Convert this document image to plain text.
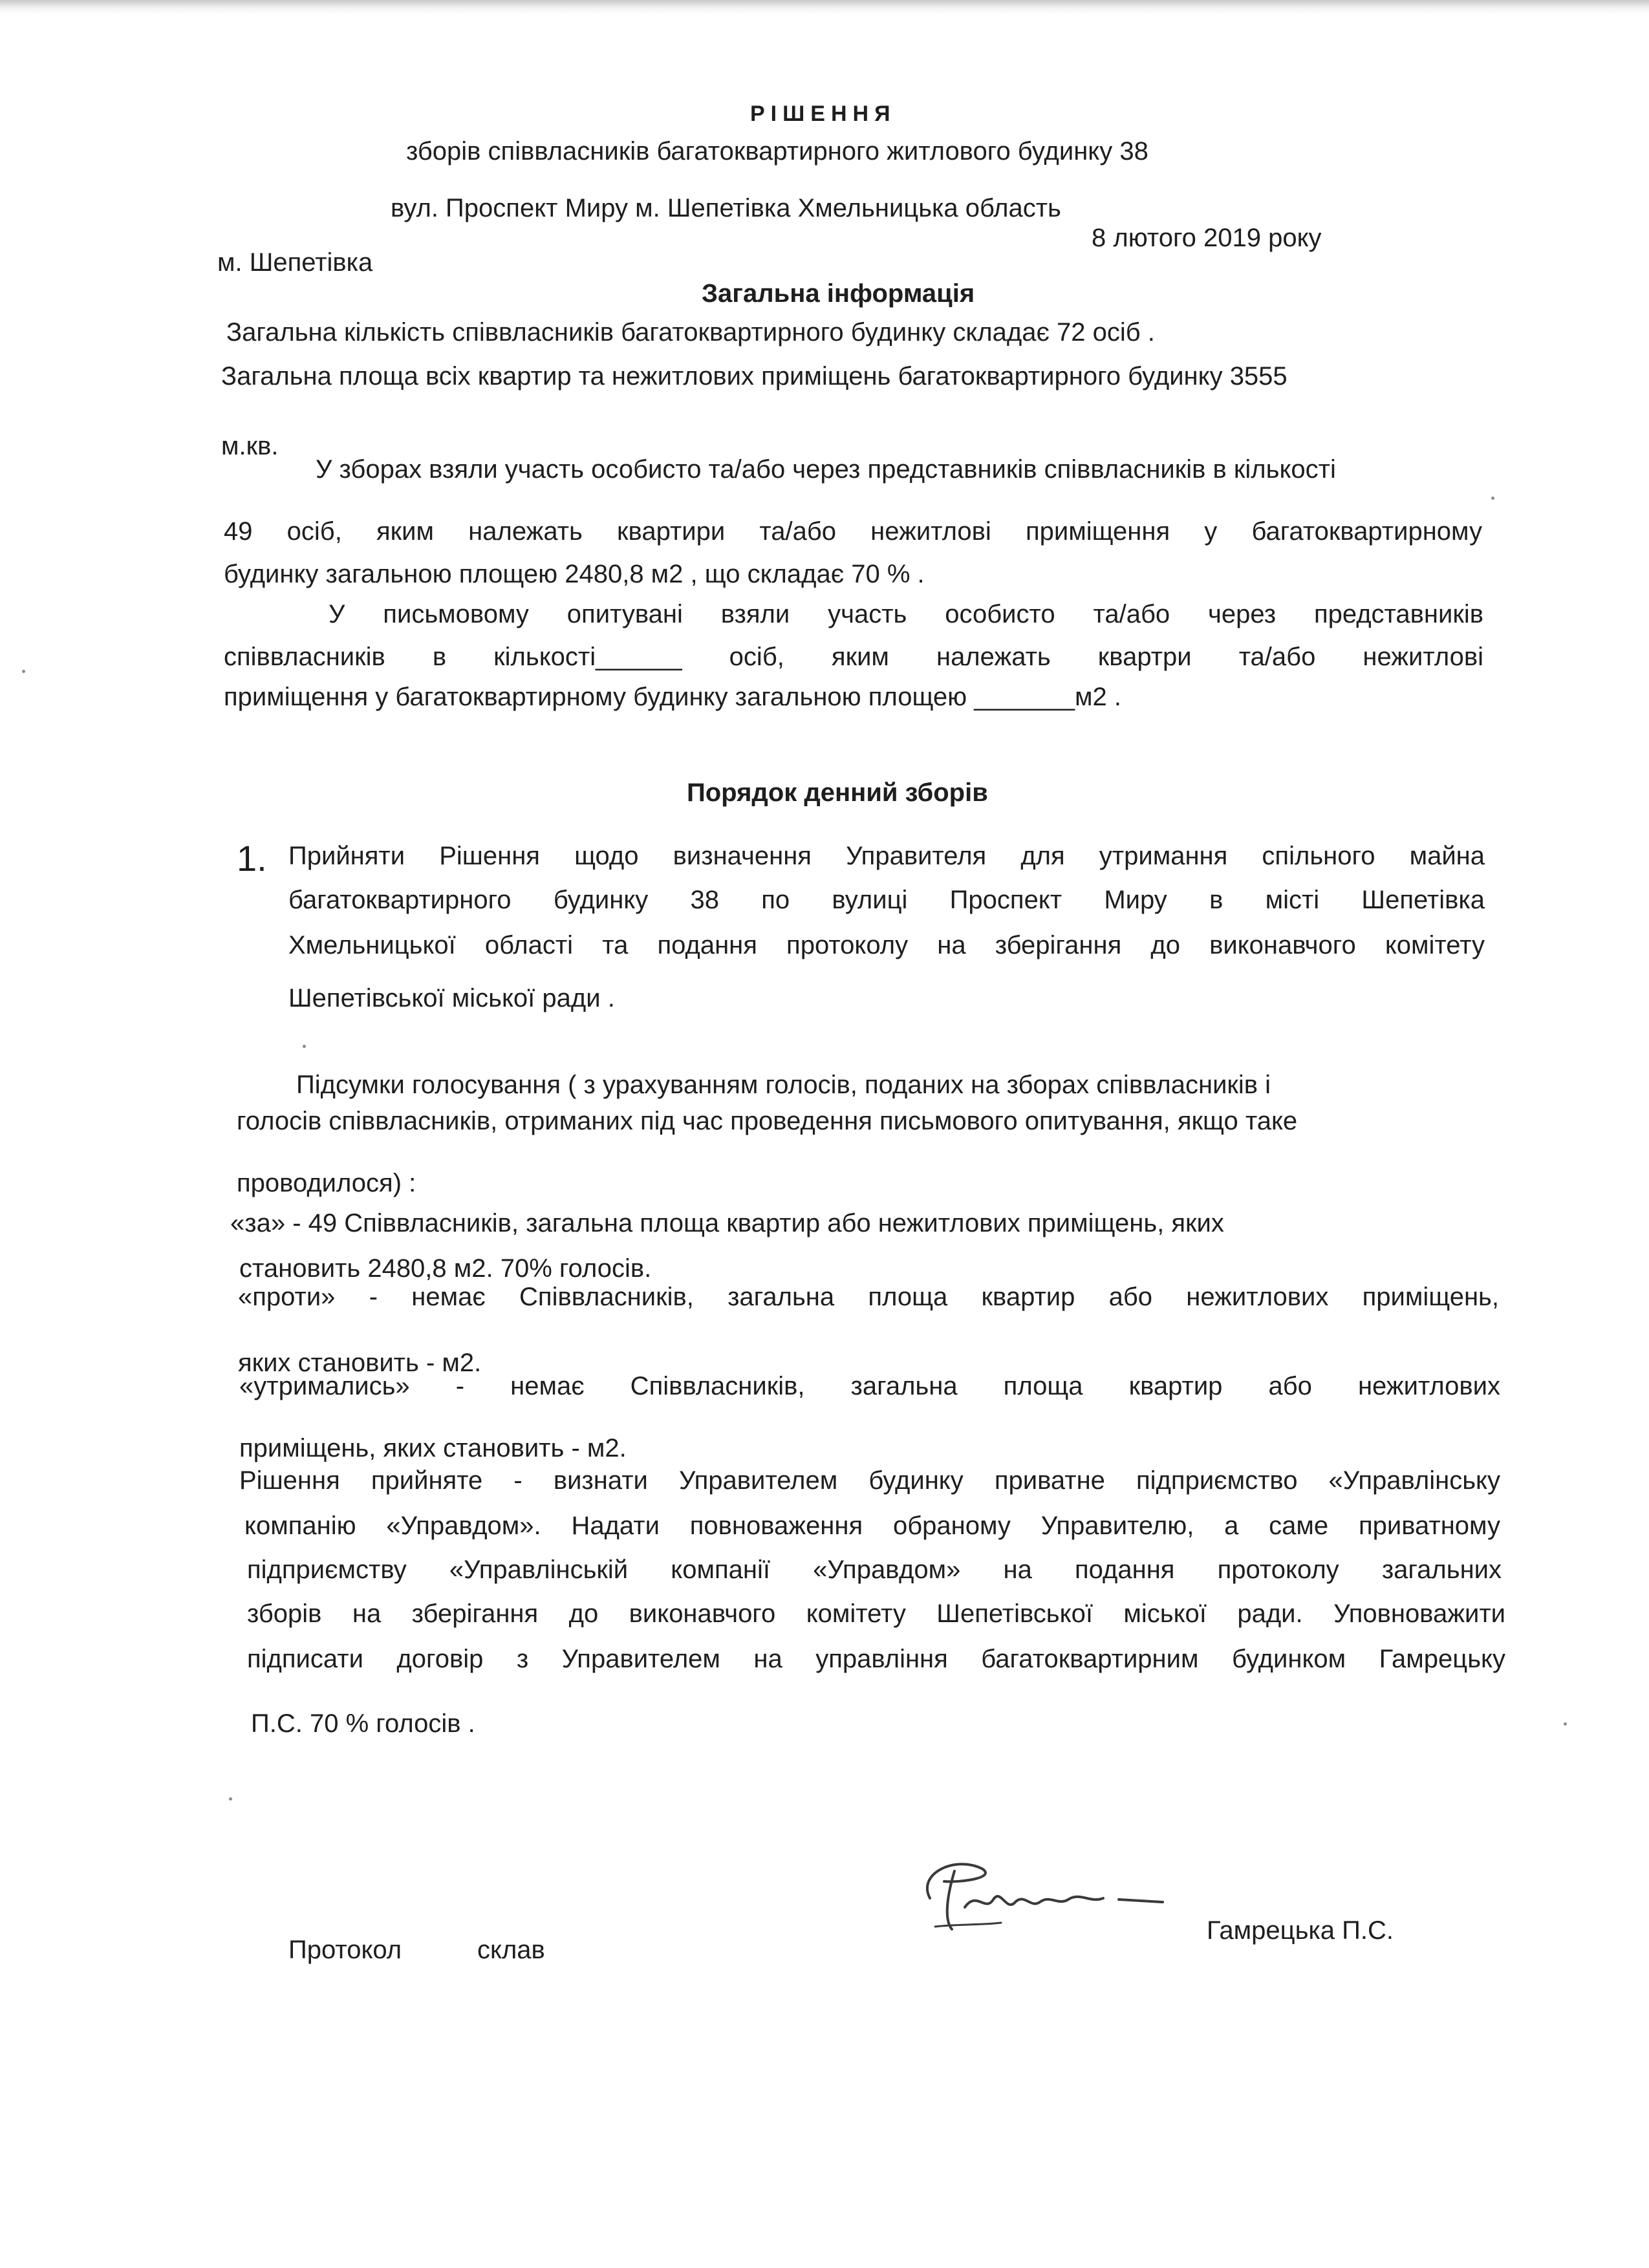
РІШЕННЯ
зборів співвласників багатоквартирного житлового будинку 38
вул. Проспект Миру м. Шепетівка Хмельницька область
8 лютого 2019 року
м. Шепетівка
Загальна інформація
Загальна кількість співвласників багатоквартирного будинку складає 72 осіб .
Загальна площа всіх квартир та нежитлових приміщень багатоквартирного будинку 3555
м.кв.
У зборах взяли участь особисто та/або через представників співвласників в кількості
49 осіб, яким належать квартири та/або нежитлові приміщення у багатоквартирному
будинку загальною площею 2480,8 м2 , що складає 70 % .
У письмовому опитувані взяли участь особисто та/або через представників
співвласників в кількості______ осіб, яким належать квартри та/або нежитлові
приміщення у багатоквартирному будинку загальною площею _______м2 .
Порядок денний зборів
1. Прийняти Рішення щодо визначення Управителя для утримання спільного майна
багатоквартирного будинку 38 по вулиці Проспект Миру в місті Шепетівка
Хмельницької області та подання протоколу на зберігання до виконавчого комітету
Шепетівської міської ради .
Підсумки голосування ( з урахуванням голосів, поданих на зборах співвласників і
голосів співвласників, отриманих під час проведення письмового опитування, якщо таке
проводилося) :
«за» - 49 Співвласників, загальна площа квартир або нежитлових приміщень, яких
становить 2480,8 м2. 70% голосів.
«проти» - немає Співвласників, загальна площа квартир або нежитлових приміщень,
яких становить - м2.
«утримались» - немає Співвласників, загальна площа квартир або нежитлових
приміщень, яких становить - м2.
Рішення прийняте - визнати Управителем будинку приватне підприємство «Управлінську
компанію «Управдом». Надати повноваження обраному Управителю, а саме приватному
підприємству «Управлінській компанії «Управдом» на подання протоколу загальних
зборів на зберігання до виконавчого комітету Шепетівської міської ради. Уповноважити
підписати договір з Управителем на управління багатоквартирним будинком Гамрецьку
П.С. 70 % голосів .
Протокол	склав
Гамрецька П.С.
